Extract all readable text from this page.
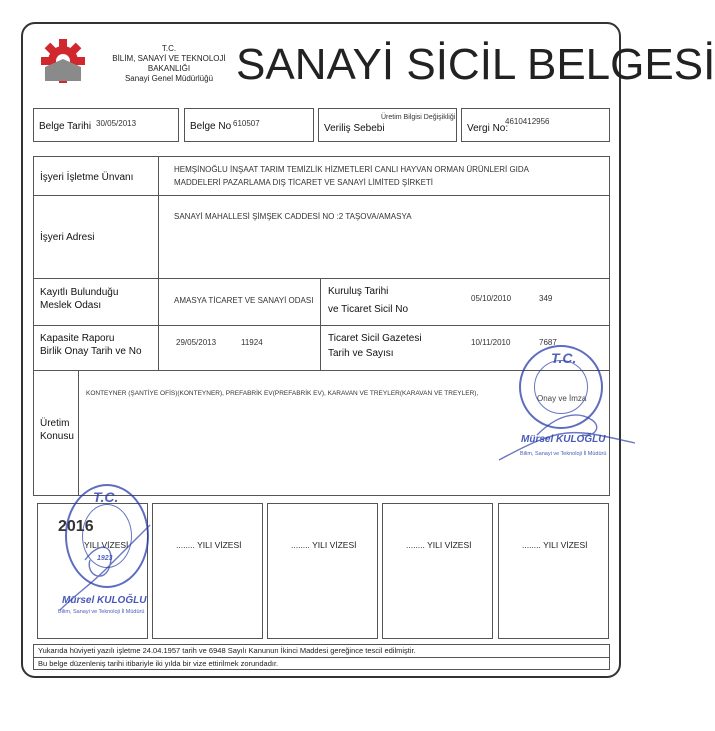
T.C.
BİLİM, SANAYİ VE TEKNOLOJİ BAKANLIĞI
Sanayi Genel Müdürlüğü SANAYİ SİCİL BELGESİ
Belge Tarihi 30/05/2013	Belge No 610507	Veriliş Sebebi
Üretim Bilgisi Değişikliği
Vergi No:
4610412956
İşyeri İşletme Ünvanı
HEMŞİNOĞLU İNŞAAT TARIM TEMİZLİK HİZMETLERİ CANLI HAYVAN ORMAN ÜRÜNLERİ GIDA
MADDELERİ PAZARLAMA DIŞ TİCARET VE SANAYİ LİMİTED ŞİRKETİ
İşyeri Adresi
SANAYİ MAHALLESİ ŞİMŞEK CADDESİ NO :2 TAŞOVA/AMASYA
Kayıtlı Bulunduğu
Meslek Odası	AMASYA TİCARET VE SANAYİ ODASI
Kuruluş Tarihi
ve Ticaret Sicil No
05/10/2010	349
Kapasite Raporu
Birlik Onay Tarih ve No
29/05/2013	11924	Ticaret Sicil Gazetesi
Tarih ve Sayısı
10/11/2010	7687
Üretim
Konusu
KONTEYNER (ŞANTİYE OFİS)(KONTEYNER), PREFABRİK EV(PREFABRİK EV), KARAVAN VE TREYLER(KARAVAN VE TREYLER),
Onay ve İmza
T.C.
Mürsel KULOĞLU
Bilim, Sanayi ve Teknoloji İl Müdürü
2016
YILI VİZESİ	........ YILI VİZESİ	........ YILI VİZESİ	........ YILI VİZESİ	........ YILI VİZESİ
T.C.
1923
Mürsel KULOĞLU
Bilim, Sanayi ve Teknoloji İl Müdürü
Yukarıda hüviyeti yazılı işletme 24.04.1957 tarih ve 6948 Sayılı Kanunun İkinci Maddesi gereğince tescil edilmiştir.
Bu belge düzenleniş tarihi itibariyle iki yılda bir vize ettirilmek zorundadır.
